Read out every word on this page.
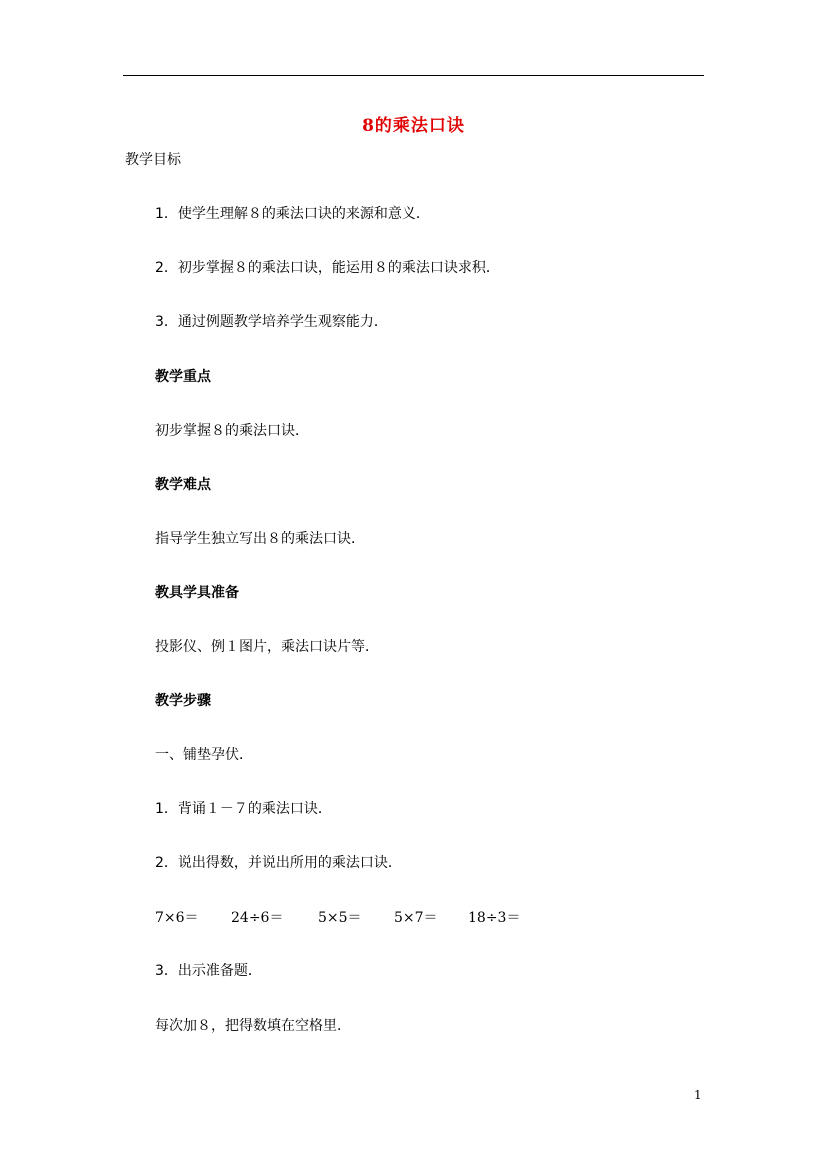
8的乘法口诀
教学目标
1．使学生理解８的乘法口诀的来源和意义．
2．初步掌握８的乘法口诀，能运用８的乘法口诀求积．
3．通过例题教学培养学生观察能力．
教学重点
初步掌握８的乘法口诀．
教学难点
指导学生独立写出８的乘法口诀．
教具学具准备
投影仪、例１图片，乘法口诀片等．
教学步骤
一、铺垫孕伏．
1．背诵１－７的乘法口诀．
2．说出得数，并说出所用的乘法口诀．
7×6＝ 24÷6＝ 5×5＝ 5×7＝ 18÷3＝
3．出示准备题．
每次加８，把得数填在空格里．
1
